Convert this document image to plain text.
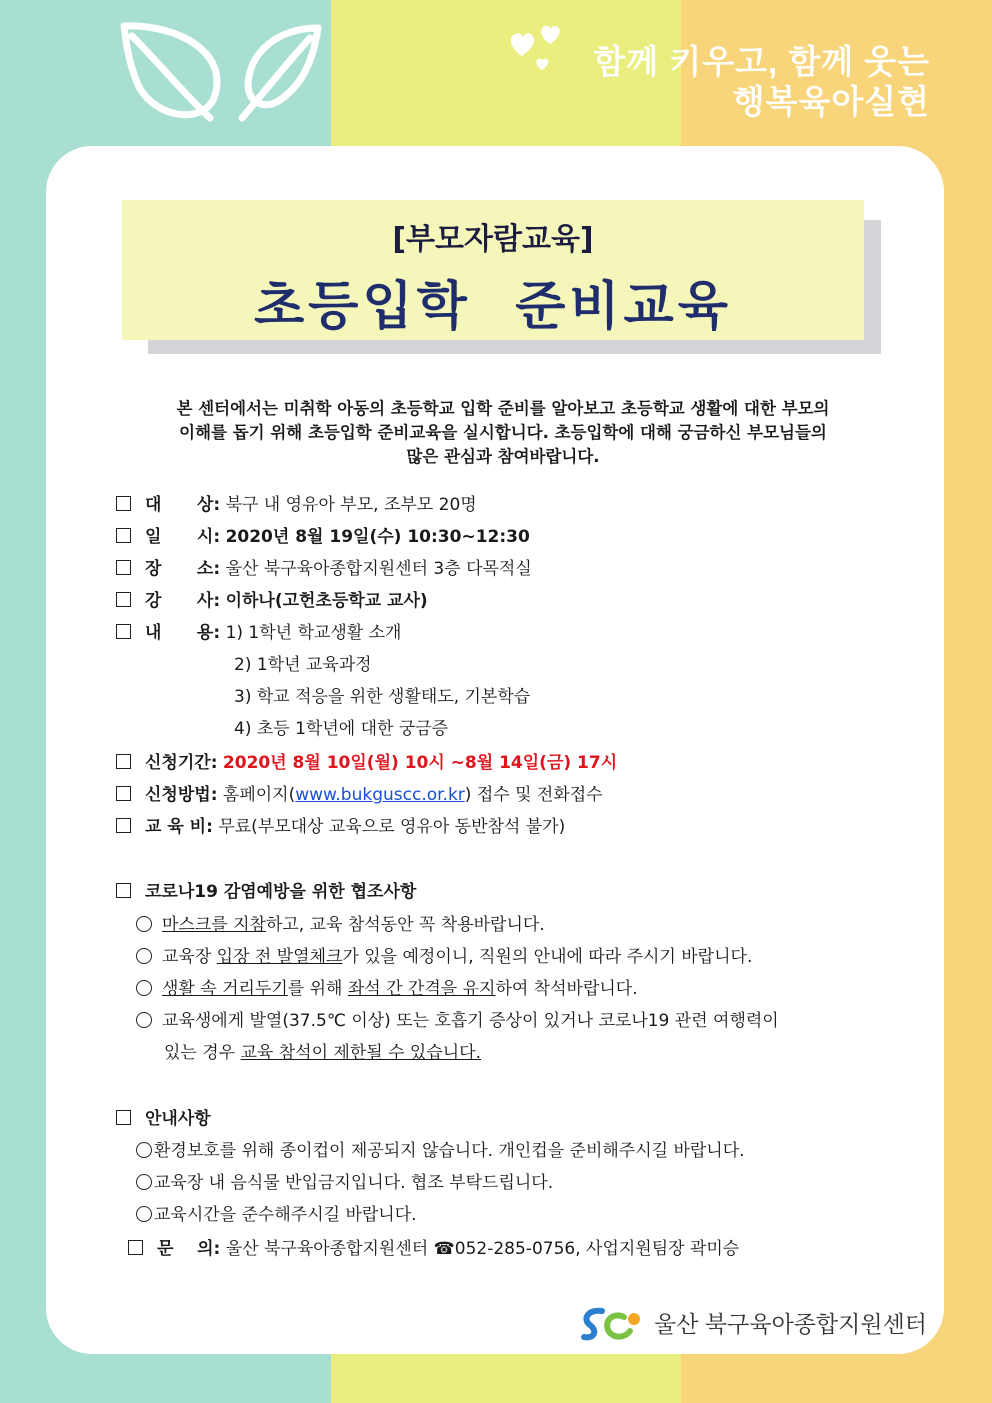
함께 키우고, 함께 웃는
행복육아실현
[부모자람교육]
초등입학  준비교육
본 센터에서는 미취학 아동의 초등학교 입학 준비를 알아보고 초등학교 생활에 대한 부모의
이해를 돕기 위해 초등입학 준비교육을 실시합니다. 초등입학에 대해 궁금하신 부모님들의
많은 관심과 참여바랍니다.
대      상: 북구 내 영유아 부모, 조부모 20명
일      시: 2020년 8월 19일(수) 10:30~12:30
장      소: 울산 북구육아종합지원센터 3층 다목적실
강      사: 이하나(고헌초등학교 교사)
내      용: 1) 1학년 학교생활 소개
2) 1학년 교육과정
3) 학교 적응을 위한 생활태도, 기본학습
4) 초등 1학년에 대한 궁금증
신청기간: 2020년 8월 10일(월) 10시 ~8월 14일(금) 17시
신청방법: 홈페이지(www.bukguscc.or.kr) 접수 및 전화접수
교 육 비: 무료(부모대상 교육으로 영유아 동반참석 불가)
코로나19 감염예방을 위한 협조사항
마스크를 지참하고, 교육 참석동안 꼭 착용바랍니다.
교육장 입장 전 발열체크가 있을 예정이니, 직원의 안내에 따라 주시기 바랍니다.
생활 속 거리두기를 위해 좌석 간 간격을 유지하여 착석바랍니다.
교육생에게 발열(37.5℃ 이상) 또는 호흡기 증상이 있거나 코로나19 관련 여행력이
있는 경우 교육 참석이 제한될 수 있습니다.
안내사항
환경보호를 위해 종이컵이 제공되지 않습니다. 개인컵을 준비해주시길 바랍니다.
교육장 내 음식물 반입금지입니다. 협조 부탁드립니다.
교육시간을 준수해주시길 바랍니다.
문    의: 울산 북구육아종합지원센터 ☎052-285-0756, 사업지원팀장 곽미승
울산 북구육아종합지원센터
